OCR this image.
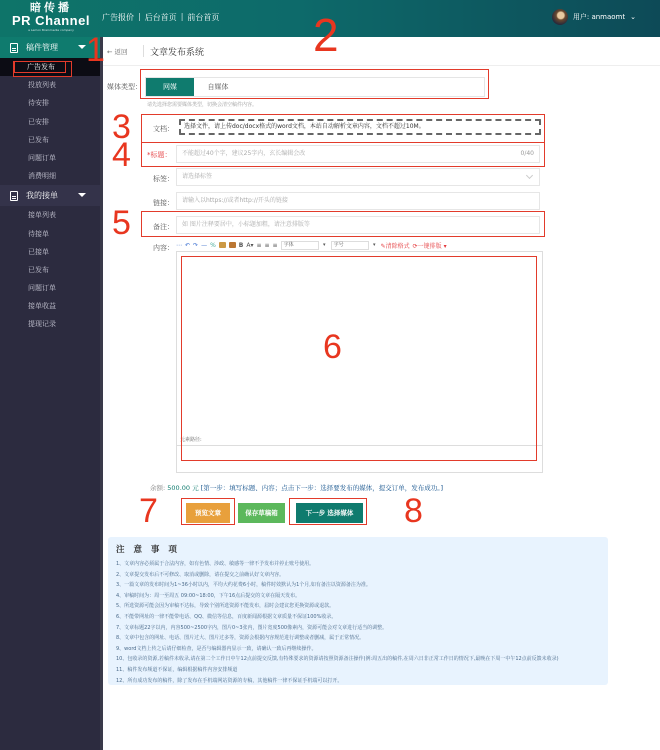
暗传播
PR Channel
a Lemon Brainmedia company
广告报价 | 后台首页 | 前台首页	用户: anmaomt ⌄
稿件管理
广告发布
投放列表
待安排
已安排
已发布
问题订单
消费明细
我的接单
接单列表
待接单
已接单
已发布
问题订单
接单收益
提现记录
← 返回 文章发布系统
媒体类型：	网媒	自媒体
请先选择您需要媒体类型，切换会清空稿件内容。
文档：	选择文件，请上传doc/docx格式的word文档，本站自动解析文章内容，文档不超过10M。
*标题：	不能超过40个字，建议25字内，玄长编辑会改	0/40
标签：	请选择标签
链接：	请输入以https://或者http://开头的链接
备注：	如 图片注释要居中，小标题加粗，请注意排版等
内容： ⋯ ↶ ↷ — %	B A▾ ≡ ≡ ≡	字体 ▾	字号 ▾	✎清除格式 ⟳一键排版 ▾
元素路径:
余额: 500.00 元 [第一步：填写标题、内容；点击下一步：选择要发布的媒体，提交订单，发布成功。]
预览文章	保存草稿箱	下一步 选择媒体
注 意 事 项
1、文章内容必须属于合法内容，如有色情、涉政、敏感等一律不予发布并停止账号使用。
2、文章提交发布后不可修改、取消或删除，请在提交之前确认好文章内容。
3、一篇文章的发布时间为1~36小时以内，平均大约花费6小时，稿件时效默认为1个月,如有备注以资源备注为准。
4、审稿时间为：周一至周五 09:00~18:00，下午16点后提交的文章在隔天发布。
5、所选资源可能会因为审稿不达标，导致个别所选资源不能发布，届时会建议您更换资源或退款。
6、不能带网址的一律不能带电话、QQ、微信等信息，百度新闻源根据文章质量不保证100%收录。
7、文章标题22字以内，内容500~2500字内，图片0~3张内，图片宽度500像素内，资源可能会对文章进行适当的调整。
8、文章中包含的网址、电话、图片过大、图片过多等，资源会根据内容规范进行调整或者删减，属于正常情况。
9、word文档上传之后请仔细检查，是否与编辑器内显示一致，请确认一致后再继续操作。
10、包收录的资源,若稿件未收录,请在第二个工作日中午12点前提交反馈,有特殊要求的资源请按照资源备注操作(例:周五出的稿件,在周六日非正常工作日的情况下,最晚在下周一中午12点前反馈未收录)
11、稿件发布频道不保证，编辑根据稿件内容安排频道
12、所有成功发布的稿件，除了发布在手机端网站资源的专稿，其他稿件一律不保证手机端可以打开。
1	2
3
4
5
6
7	8
